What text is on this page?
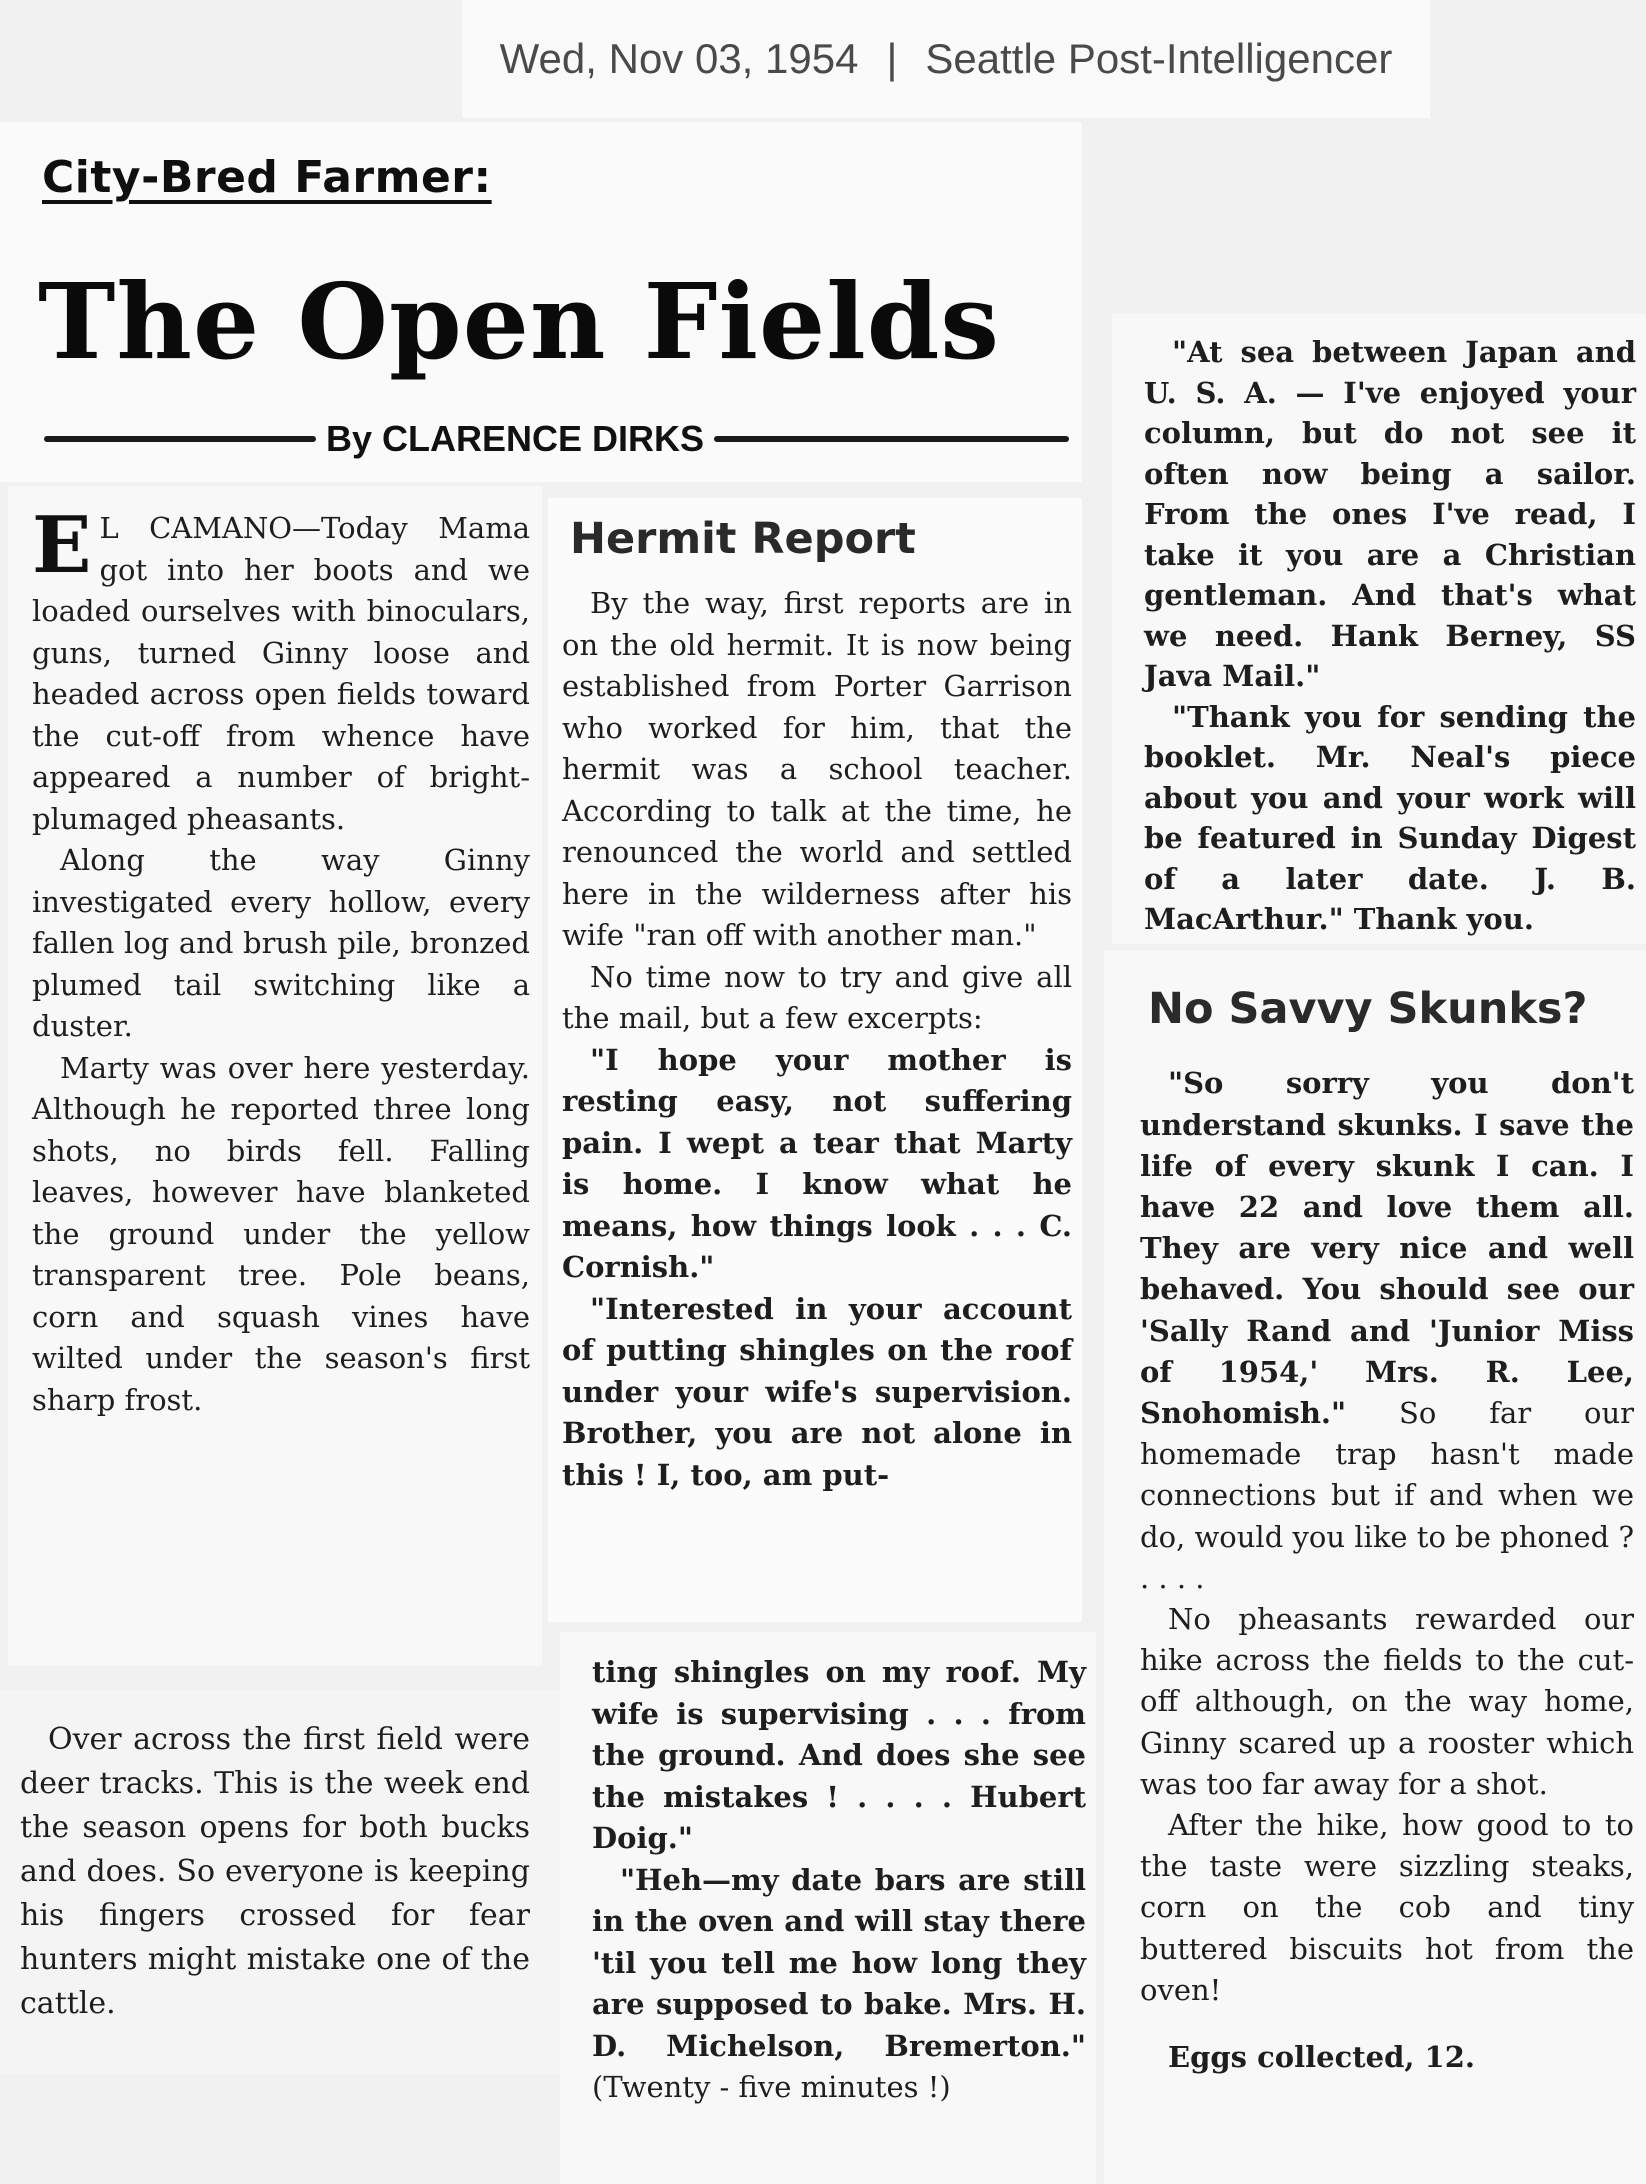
Wed, Nov 03, 1954 | Seattle Post-Intelligencer
City-Bred Farmer:
The Open Fields
By CLARENCE DIRKS

E L CAMANO—Today Mama got into her boots and we loaded ourselves with binoculars, guns, turned Ginny loose and headed across open fields toward the cut-off from whence have appeared a number of bright-plumaged pheasants.

Along the way Ginny investigated every hollow, every fallen log and brush pile, bronzed plumed tail switching like a duster.

Marty was over here yesterday. Although he reported three long shots, no birds fell. Falling leaves, however have blanketed the ground under the yellow transparent tree. Pole beans, corn and squash vines have wilted under the season's first sharp frost.

Over across the first field were deer tracks. This is the week end the season opens for both bucks and does. So everyone is keeping his fingers crossed for fear hunters might mistake one of the cattle.

Hermit Report

By the way, first reports are in on the old hermit. It is now being established from Porter Garrison who worked for him, that the hermit was a school teacher. According to talk at the time, he renounced the world and settled here in the wilderness after his wife "ran off with another man."

No time now to try and give all the mail, but a few excerpts:

"I hope your mother is resting easy, not suffering pain. I wept a tear that Marty is home. I know what he means, how things look . . . C. Cornish."

"Interested in your account of putting shingles on the roof under your wife's supervision. Brother, you are not alone in this ! I, too, am put-

ting shingles on my roof. My wife is supervising . . . from the ground. And does she see the mistakes ! . . . . Hubert Doig."

"Heh—my date bars are still in the oven and will stay there 'til you tell me how long they are supposed to bake. Mrs. H. D. Michelson, Bremerton." (Twenty - five minutes !)

"At sea between Japan and U. S. A. — I've enjoyed your column, but do not see it often now being a sailor. From the ones I've read, I take it you are a Christian gentleman. And that's what we need. Hank Berney, SS Java Mail."

"Thank you for sending the booklet. Mr. Neal's piece about you and your work will be featured in Sunday Digest of a later date. J. B. MacArthur." Thank you.

No Savvy Skunks?

"So sorry you don't understand skunks. I save the life of every skunk I can. I have 22 and love them all. They are very nice and well behaved. You should see our 'Sally Rand and 'Junior Miss of 1954,' Mrs. R. Lee, Snohomish." So far our homemade trap hasn't made connections but if and when we do, would you like to be phoned ? . . . .

No pheasants rewarded our hike across the fields to the cut-off although, on the way home, Ginny scared up a rooster which was too far away for a shot.

After the hike, how good to to the taste were sizzling steaks, corn on the cob and tiny buttered biscuits hot from the oven!

Eggs collected, 12.
